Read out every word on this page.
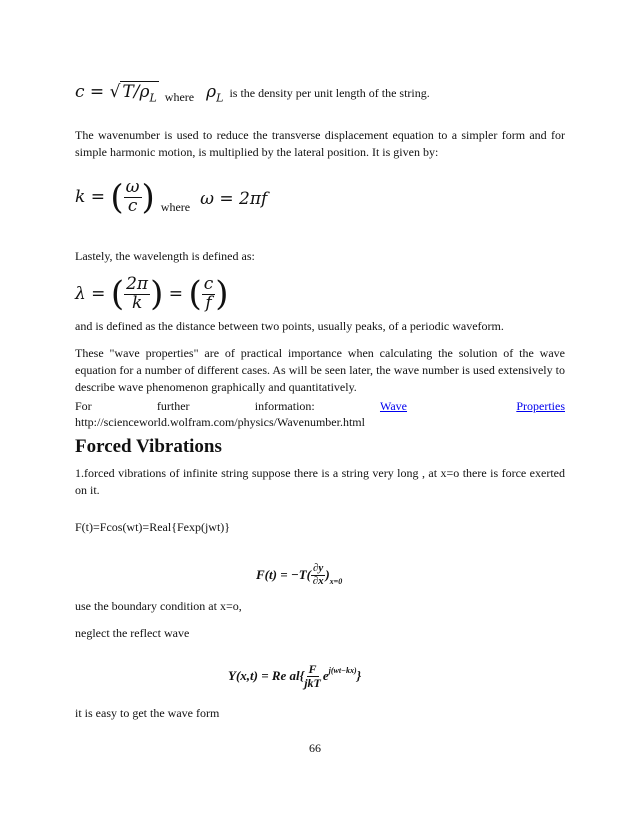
c = √ $T/\rho_L$ where $\rho_L$ is the density per unit length of the string.

The wavenumber is used to reduce the transverse displacement equation to a simpler form and for simple harmonic motion, is multiplied by the lateral position. It is given by:

k = ( $\frac{\omega}{c}$ ) where ω = 2πf

Lastely, the wavelength is defined as:

λ = ( $\frac{2\pi}{k}$ ) = ( $\frac{c}{f}$ )

and is defined as the distance between two points, usually peaks, of a periodic waveform.

These "wave properties" are of practical importance when calculating the solution of the wave equation for a number of different cases. As will be seen later, the wave number is used extensively to describe wave phenomenon graphically and quantitatively.

For	further	information:	Wave	Properties

http://scienceworld.wolfram.com/physics/Wavenumber.html

Forced Vibrations

1.forced vibrations of infinite string suppose there is a string very long , at x=o there is force exerted on it.

F(t)=Fcos(wt)=Real{Fexp(jwt)}

$F(t) = -T( \frac{\partial y}{\partial x} )_{x=0}$

use the boundary condition at x=o,

neglect the reflect wave

Y(x,t) = Re $al\{ \frac{F}{\text{jkT}} e^{j(wt-kx)}$ }

it is easy to get the wave form

66
